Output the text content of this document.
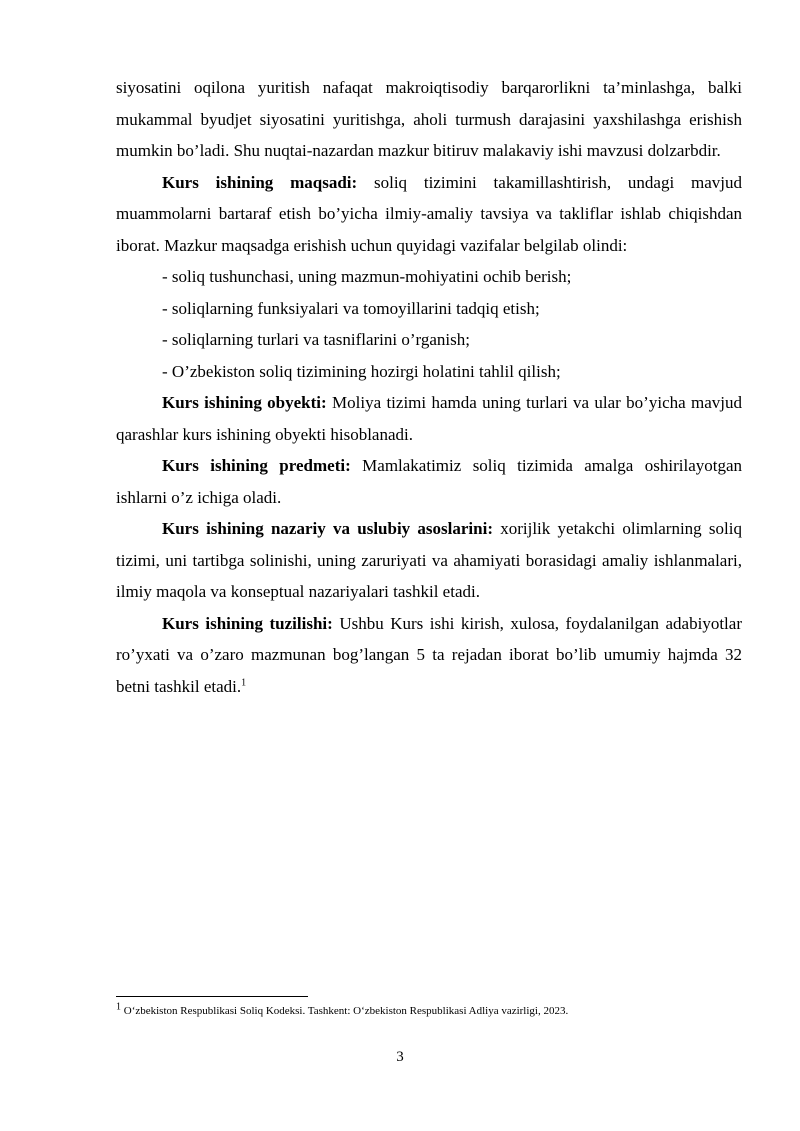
siyosatini oqilona yuritish nafaqat makroiqtisodiy barqarorlikni ta’minlashga, balki mukammal byudjet siyosatini yuritishga, aholi turmush darajasini yaxshilashga erishish mumkin bo’ladi. Shu nuqtai-nazardan mazkur bitiruv malakaviy ishi mavzusi dolzarbdir.

Kurs ishining maqsadi: soliq tizimini takamillashtirish, undagi mavjud muammolarni bartaraf etish bo’yicha ilmiy-amaliy tavsiya va takliflar ishlab chiqishdan iborat. Mazkur maqsadga erishish uchun quyidagi vazifalar belgilab olindi:

- soliq tushunchasi, uning mazmun-mohiyatini ochib berish;

- soliqlarning funksiyalari va tomoyillarini tadqiq etish;

- soliqlarning turlari va tasniflarini o’rganish;

- O’zbekiston soliq tizimining hozirgi holatini tahlil qilish;

Kurs ishining obyekti: Moliya tizimi hamda uning turlari va ular bo’yicha mavjud qarashlar kurs ishining obyekti hisoblanadi.

Kurs ishining predmeti: Mamlakatimiz soliq tizimida amalga oshirilayotgan ishlarni o’z ichiga oladi.

Kurs ishining nazariy va uslubiy asoslarini: xorijlik yetakchi olimlarning soliq tizimi, uni tartibga solinishi, uning zaruriyati va ahamiyati borasidagi amaliy ishlanmalari, ilmiy maqola va konseptual nazariyalari tashkil etadi.

Kurs ishining tuzilishi: Ushbu Kurs ishi kirish, xulosa, foydalanilgan adabiyotlar ro’yxati va o’zaro mazmunan bog’langan 5 ta rejadan iborat bo’lib umumiy hajmda 32 betni tashkil etadi.$^1$

$^1$ O‘zbekiston Respublikasi Soliq Kodeksi. Tashkent: O‘zbekiston Respublikasi Adliya vazirligi, 2023.

3
